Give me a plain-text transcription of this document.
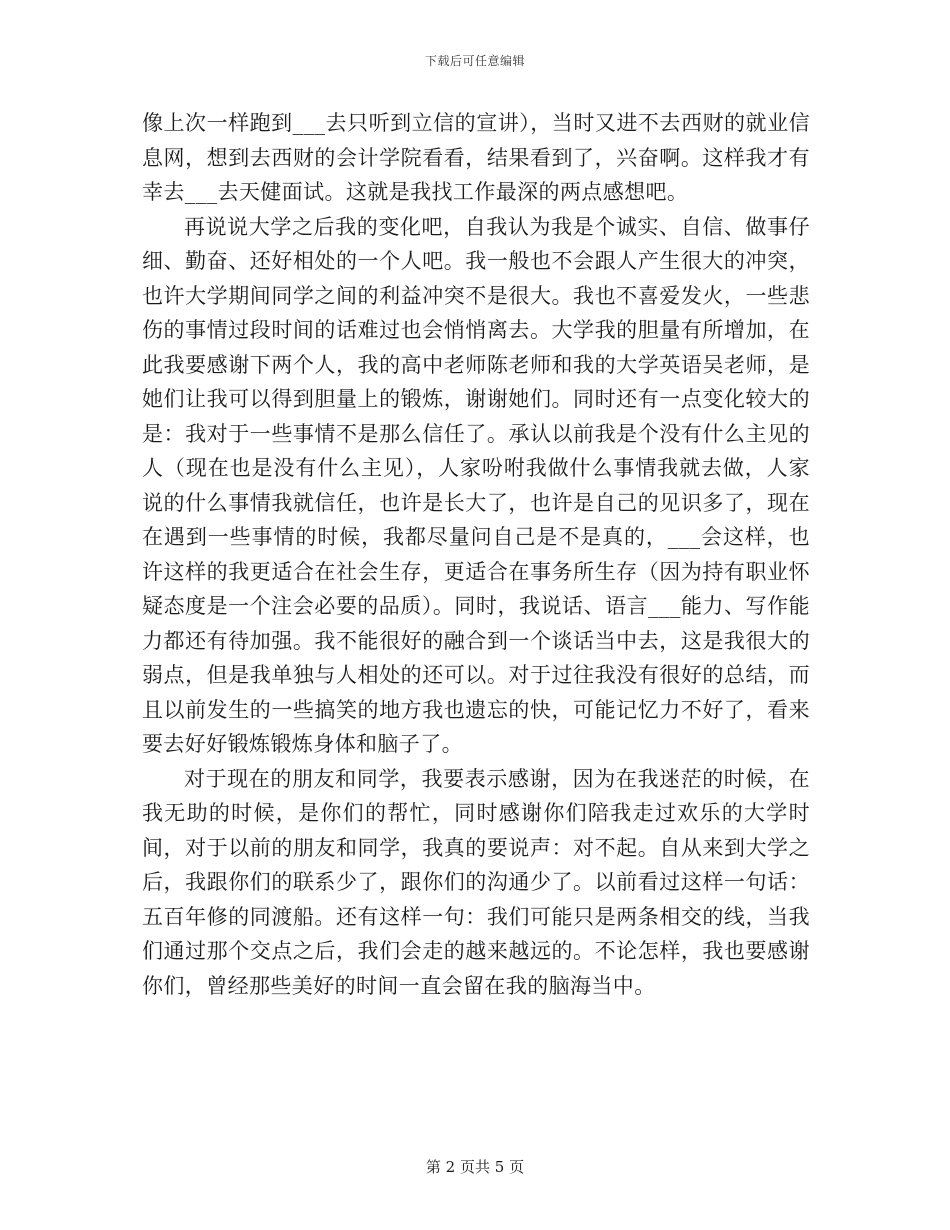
下载后可任意编辑

像上次一样跑到___去只听到立信的宣讲），当时又进不去西财的就业信息网，想到去西财的会计学院看看，结果看到了，兴奋啊。这样我才有幸去___去天健面试。这就是我找工作最深的两点感想吧。

再说说大学之后我的变化吧，自我认为我是个诚实、自信、做事仔细、勤奋、还好相处的一个人吧。我一般也不会跟人产生很大的冲突，也许大学期间同学之间的利益冲突不是很大。我也不喜爱发火，一些悲伤的事情过段时间的话难过也会悄悄离去。大学我的胆量有所增加，在此我要感谢下两个人，我的高中老师陈老师和我的大学英语吴老师，是她们让我可以得到胆量上的锻炼，谢谢她们。同时还有一点变化较大的是：我对于一些事情不是那么信任了。承认以前我是个没有什么主见的人（现在也是没有什么主见），人家吩咐我做什么事情我就去做，人家说的什么事情我就信任，也许是长大了，也许是自己的见识多了，现在在遇到一些事情的时候，我都尽量问自己是不是真的，___会这样，也许这样的我更适合在社会生存，更适合在事务所生存（因为持有职业怀疑态度是一个注会必要的品质）。同时，我说话、语言___能力、写作能力都还有待加强。我不能很好的融合到一个谈话当中去，这是我很大的弱点，但是我单独与人相处的还可以。对于过往我没有很好的总结，而且以前发生的一些搞笑的地方我也遗忘的快，可能记忆力不好了，看来要去好好锻炼锻炼身体和脑子了。

对于现在的朋友和同学，我要表示感谢，因为在我迷茫的时候，在我无助的时候，是你们的帮忙，同时感谢你们陪我走过欢乐的大学时间，对于以前的朋友和同学，我真的要说声：对不起。自从来到大学之后，我跟你们的联系少了，跟你们的沟通少了。以前看过这样一句话：五百年修的同渡船。还有这样一句：我们可能只是两条相交的线，当我们通过那个交点之后，我们会走的越来越远的。不论怎样，我也要感谢你们，曾经那些美好的时间一直会留在我的脑海当中。

第 2 页共 5 页
